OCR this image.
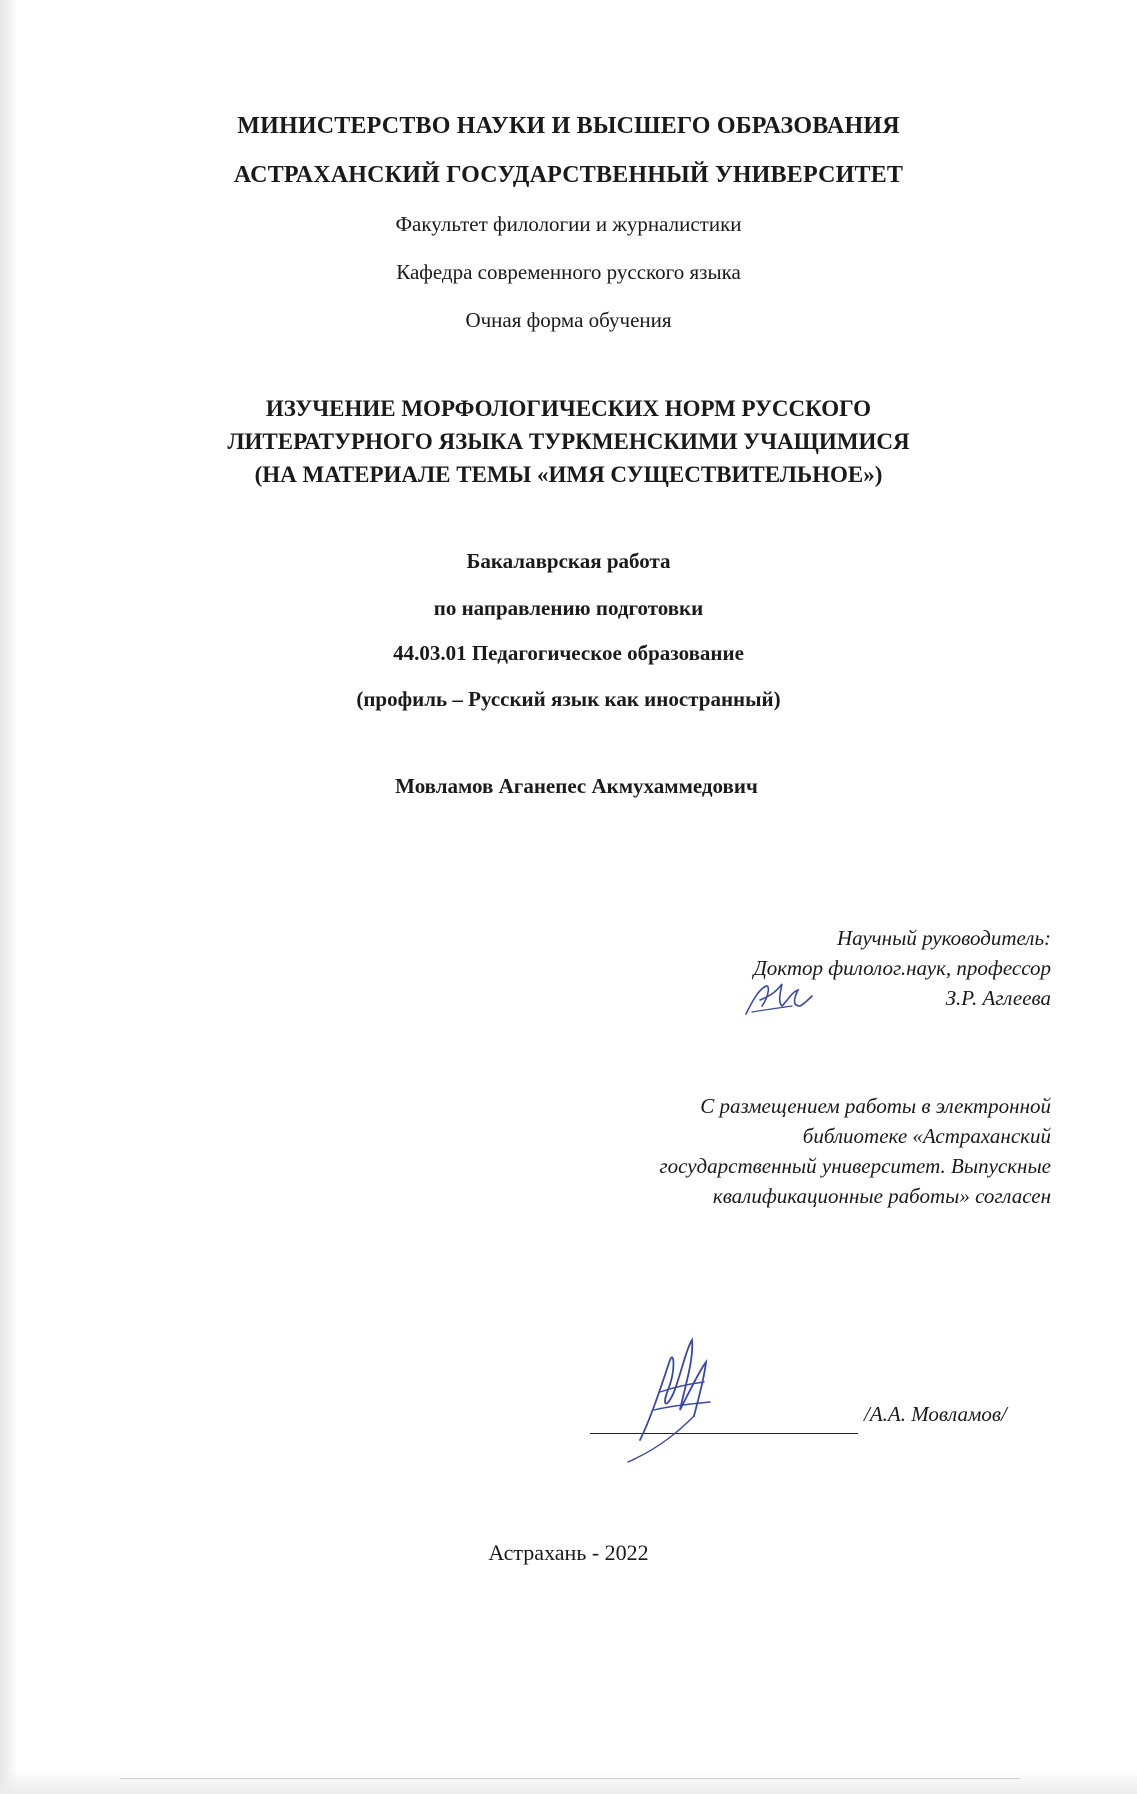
МИНИСТЕРСТВО НАУКИ И ВЫСШЕГО ОБРАЗОВАНИЯ
АСТРАХАНСКИЙ ГОСУДАРСТВЕННЫЙ УНИВЕРСИТЕТ
Факультет филологии и журналистики
Кафедра современного русского языка
Очная форма обучения
ИЗУЧЕНИЕ МОРФОЛОГИЧЕСКИХ НОРМ РУССКОГО
ЛИТЕРАТУРНОГО ЯЗЫКА ТУРКМЕНСКИМИ УЧАЩИМИСЯ
(НА МАТЕРИАЛЕ ТЕМЫ «ИМЯ СУЩЕСТВИТЕЛЬНОЕ»)
Бакалаврская работа
по направлению подготовки
44.03.01 Педагогическое образование
(профиль – Русский язык как иностранный)
Мовламов Аганепес Акмухаммедович
Научный руководитель:
Доктор филолог.наук, профессор
З.Р. Аглеева
С размещением работы в электронной
библиотеке «Астраханский
государственный университет. Выпускные
квалификационные работы» согласен
/А.А. Мовламов/
Астрахань - 2022
